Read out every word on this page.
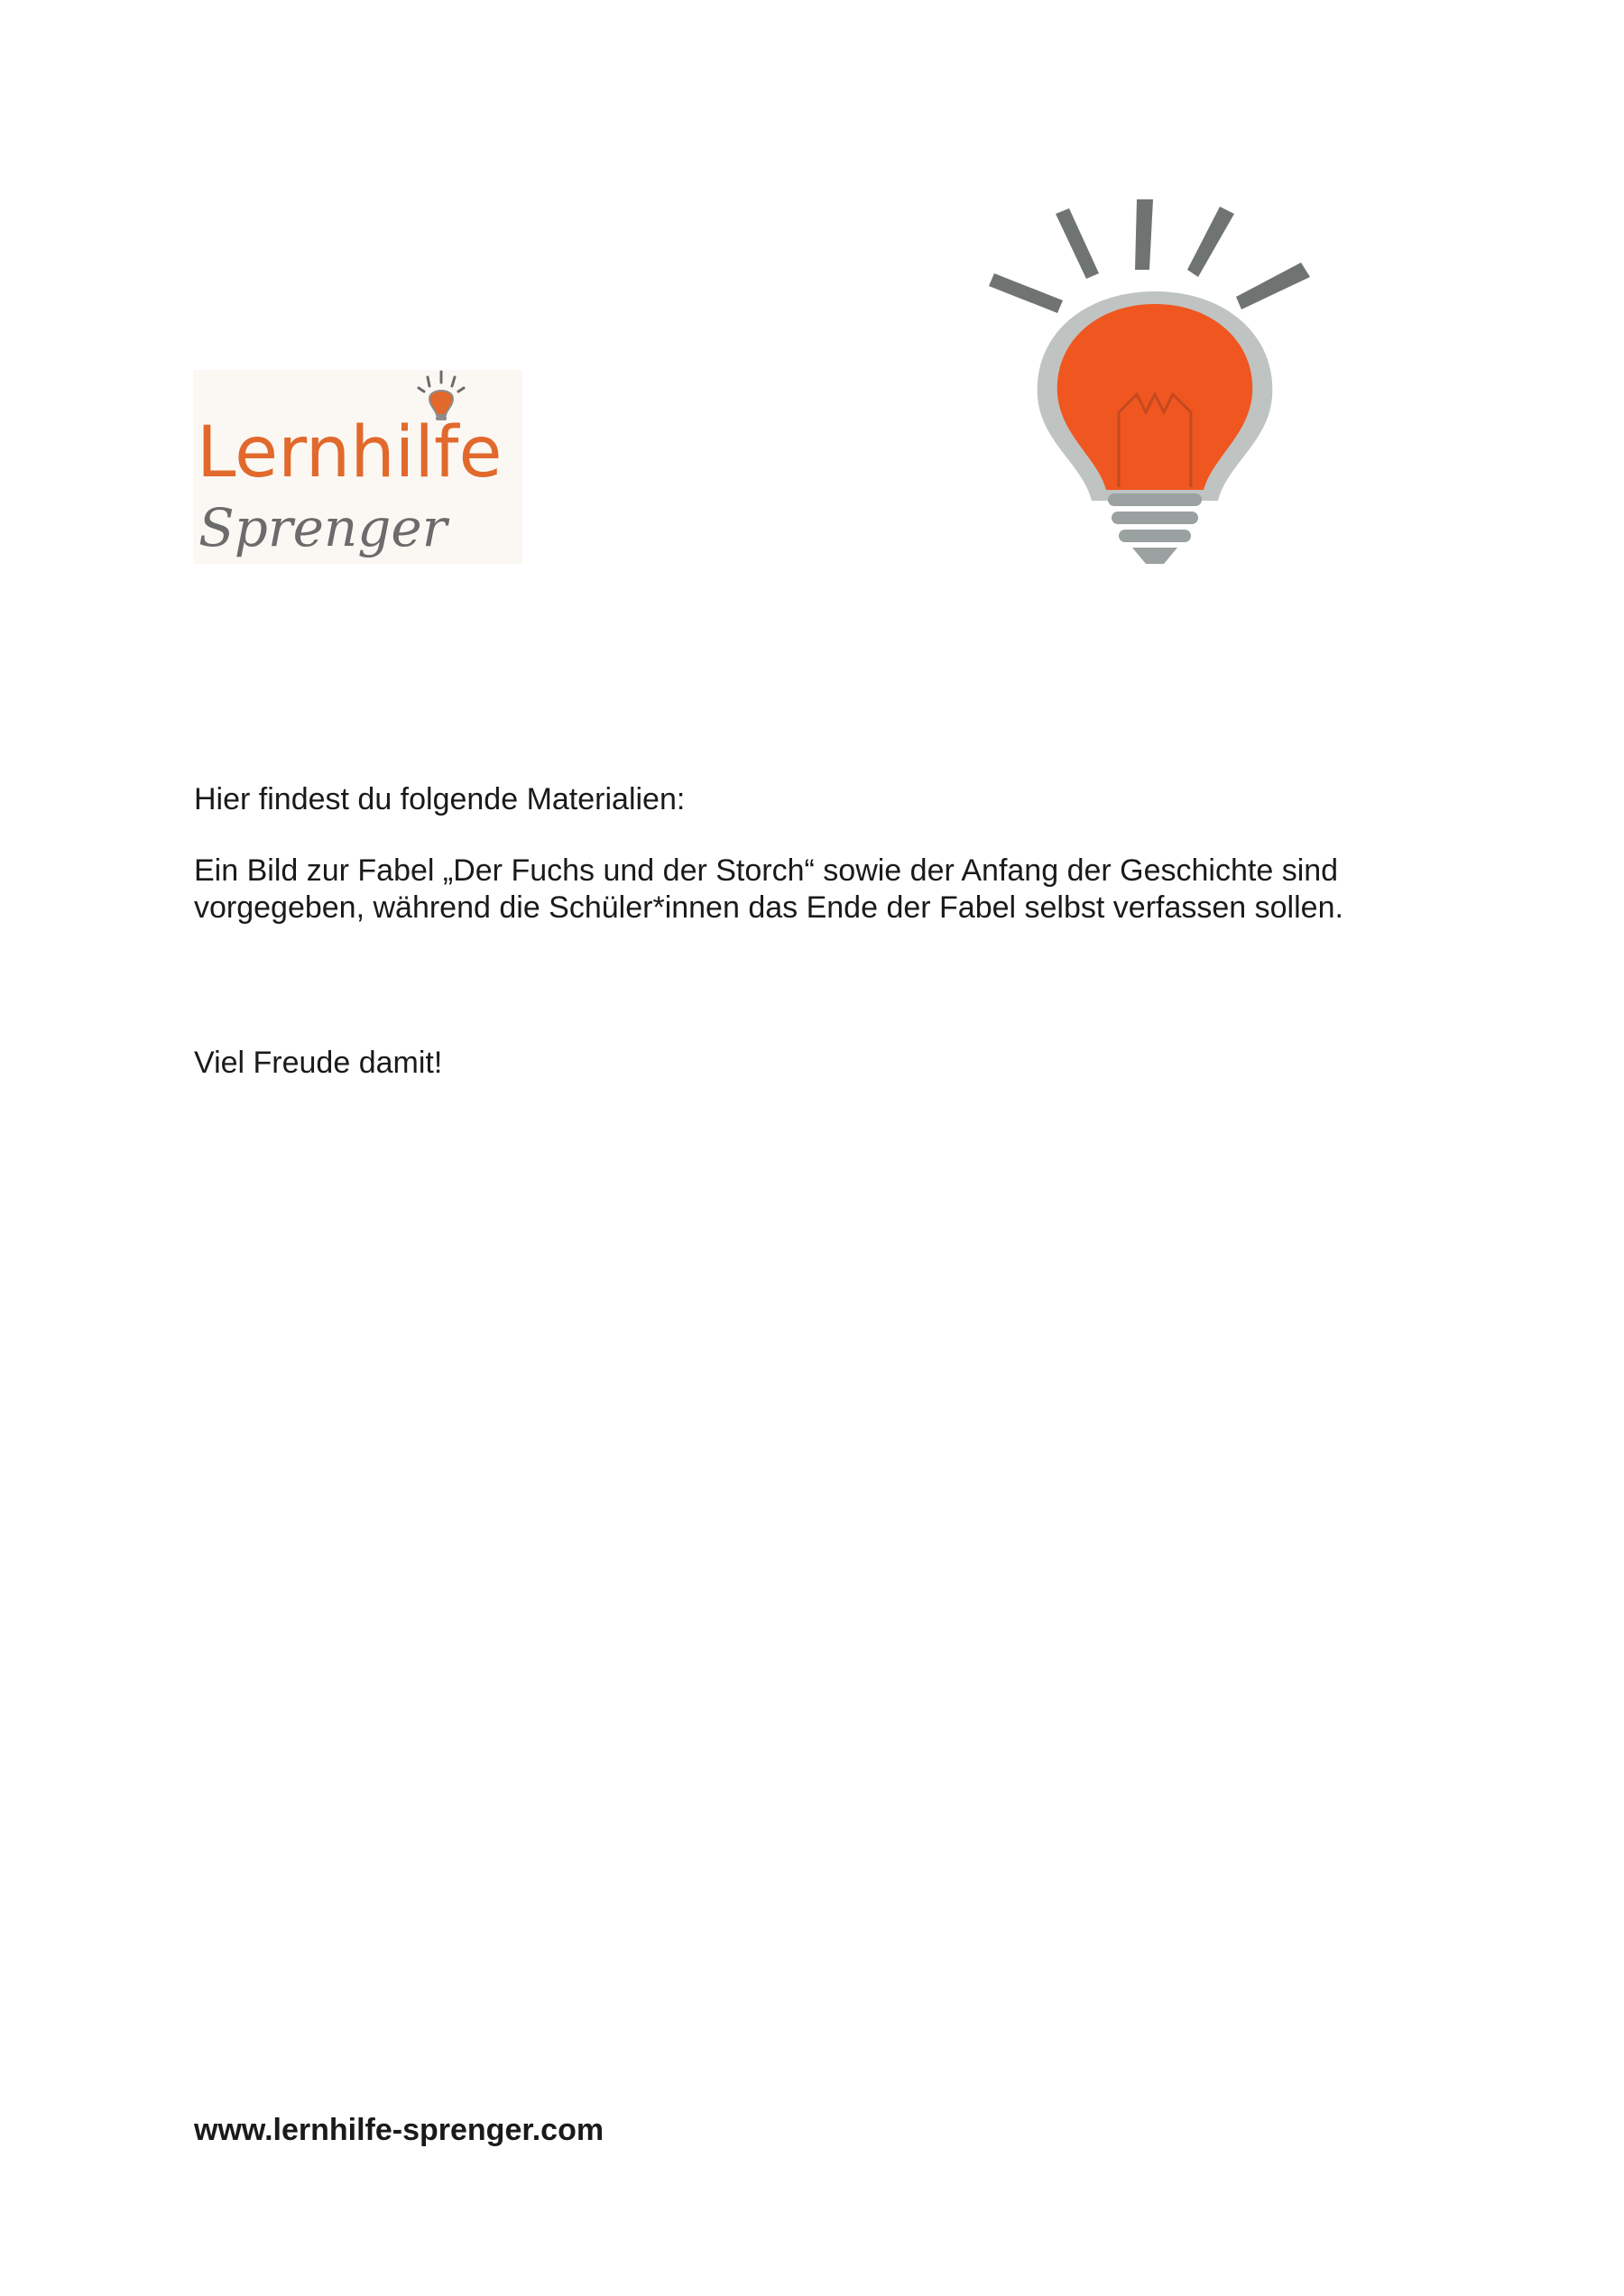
Lernhilfe
Sprenger
Hier findest du folgende Materialien:
Ein Bild zur Fabel „Der Fuchs und der Storch“ sowie der Anfang der Geschichte sind
vorgegeben, während die Schüler*innen das Ende der Fabel selbst verfassen sollen.
Viel Freude damit!
www.lernhilfe-sprenger.com
